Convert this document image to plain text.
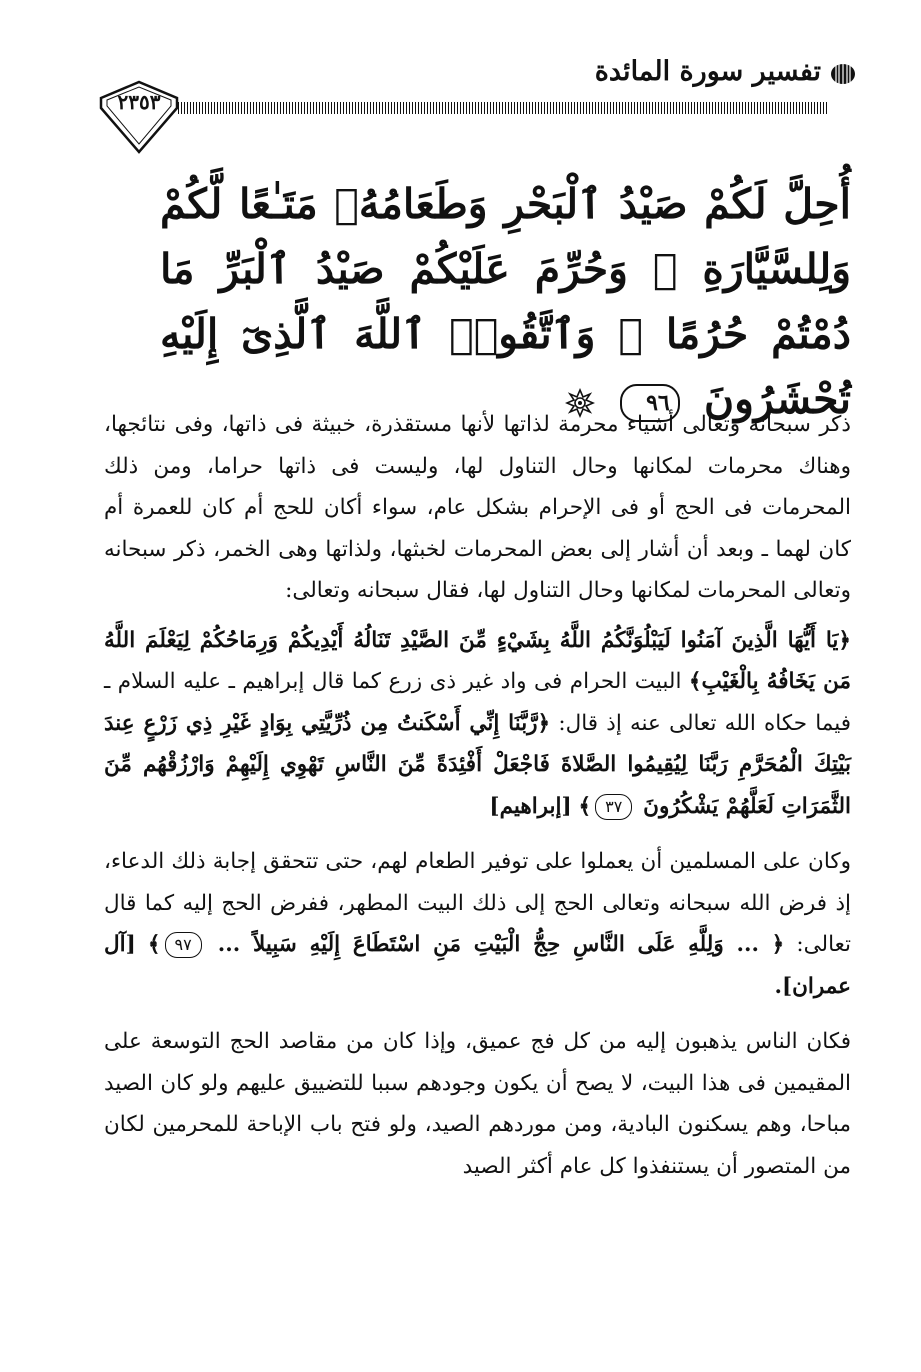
تفسير سورة المائدة
٢٣٥٣
أُحِلَّ لَكُمْ صَيْدُ ٱلْبَحْرِ وَطَعَامُهُۥ مَتَـٰعًا لَّكُمْ وَلِلسَّيَّارَةِ ۖ وَحُرِّمَ عَلَيْكُمْ صَيْدُ ٱلْبَرِّ مَا دُمْتُمْ حُرُمًا ۗ وَٱتَّقُوا۟ ٱللَّهَ ٱلَّذِىٓ إِلَيْهِ
تُحْشَرُونَ ٩٦

ذكر سبحانه وتعالى أشياء محرمة لذاتها لأنها مستقذرة، خبيثة فى ذاتها، وفى نتائجها، وهناك محرمات لمكانها وحال التناول لها، وليست فى ذاتها حراما، ومن ذلك المحرمات فى الحج أو فى الإحرام بشكل عام، سواء أكان للحج أم كان للعمرة أم كان لهما ـ وبعد أن أشار إلى بعض المحرمات لخبثها، ولذاتها وهى الخمر، ذكر سبحانه وتعالى المحرمات لمكانها وحال التناول لها، فقال سبحانه وتعالى:

﴿يَا أَيُّهَا الَّذِينَ آمَنُوا لَيَبْلُوَنَّكُمُ اللَّهُ بِشَيْءٍ مِّنَ الصَّيْدِ تَنَالُهُ أَيْدِيكُمْ وَرِمَاحُكُمْ لِيَعْلَمَ اللَّهُ مَن يَخَافُهُ بِالْغَيْبِ﴾ البيت الحرام فى واد غير ذى زرع كما قال إبراهيم ـ عليه السلام ـ فيما حكاه الله تعالى عنه إذ قال: ﴿رَّبَّنَا إِنِّي أَسْكَنتُ مِن ذُرِّيَّتِي بِوَادٍ غَيْرِ ذِي زَرْعٍ عِندَ بَيْتِكَ الْمُحَرَّمِ رَبَّنَا لِيُقِيمُوا الصَّلاةَ فَاجْعَلْ أَفْئِدَةً مِّنَ النَّاسِ تَهْوِي إِلَيْهِمْ وَارْزُقْهُم مِّنَ الثَّمَرَاتِ لَعَلَّهُمْ يَشْكُرُونَ ٣٧﴾ [إبراهيم]

وكان على المسلمين أن يعملوا على توفير الطعام لهم، حتى تتحقق إجابة ذلك الدعاء، إذ فرض الله سبحانه وتعالى الحج إلى ذلك البيت المطهر، ففرض الحج إليه كما قال تعالى: ﴿ ... وَلِلَّهِ عَلَى النَّاسِ حِجُّ الْبَيْتِ مَنِ اسْتَطَاعَ إِلَيْهِ سَبِيلاً ... ٩٧﴾ [آل عمران].

فكان الناس يذهبون إليه من كل فج عميق، وإذا كان من مقاصد الحج التوسعة على المقيمين فى هذا البيت، لا يصح أن يكون وجودهم سببا للتضييق عليهم ولو كان الصيد مباحا، وهم يسكنون البادية، ومن موردهم الصيد، ولو فتح باب الإباحة للمحرمين لكان من المتصور أن يستنفذوا كل عام أكثر الصيد
